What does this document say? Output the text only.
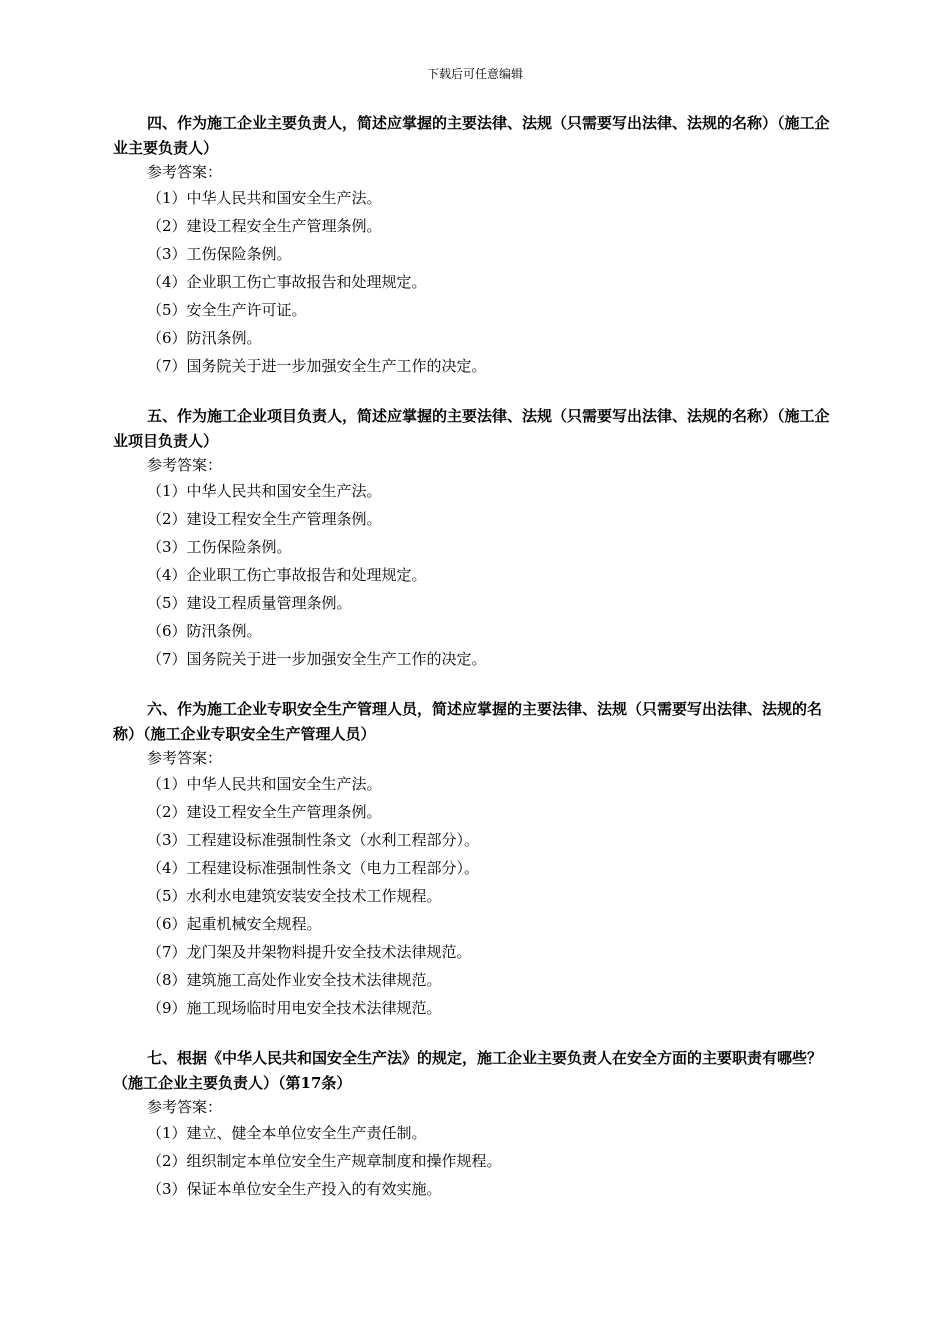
下载后可任意编辑

四、作为施工企业主要负责人，简述应掌握的主要法律、法规（只需要写出法律、法规的名称）（施工企业主要负责人）

参考答案：

（1）中华人民共和国安全生产法。

（2）建设工程安全生产管理条例。

（3）工伤保险条例。

（4）企业职工伤亡事故报告和处理规定。

（5）安全生产许可证。

（6）防汛条例。

（7）国务院关于进一步加强安全生产工作的决定。

五、作为施工企业项目负责人，简述应掌握的主要法律、法规（只需要写出法律、法规的名称）（施工企业项目负责人）

参考答案：

（1）中华人民共和国安全生产法。

（2）建设工程安全生产管理条例。

（3）工伤保险条例。

（4）企业职工伤亡事故报告和处理规定。

（5）建设工程质量管理条例。

（6）防汛条例。

（7）国务院关于进一步加强安全生产工作的决定。

六、作为施工企业专职安全生产管理人员，简述应掌握的主要法律、法规（只需要写出法律、法规的名称）（施工企业专职安全生产管理人员）

参考答案：

（1）中华人民共和国安全生产法。

（2）建设工程安全生产管理条例。

（3）工程建设标准强制性条文（水利工程部分）。

（4）工程建设标准强制性条文（电力工程部分）。

（5）水利水电建筑安装安全技术工作规程。

（6）起重机械安全规程。

（7）龙门架及井架物料提升安全技术法律规范。

（8）建筑施工高处作业安全技术法律规范。

（9）施工现场临时用电安全技术法律规范。

七、根据《中华人民共和国安全生产法》的规定，施工企业主要负责人在安全方面的主要职责有哪些？（施工企业主要负责人）（第17条）

参考答案：

（1）建立、健全本单位安全生产责任制。

（2）组织制定本单位安全生产规章制度和操作规程。

（3）保证本单位安全生产投入的有效实施。
